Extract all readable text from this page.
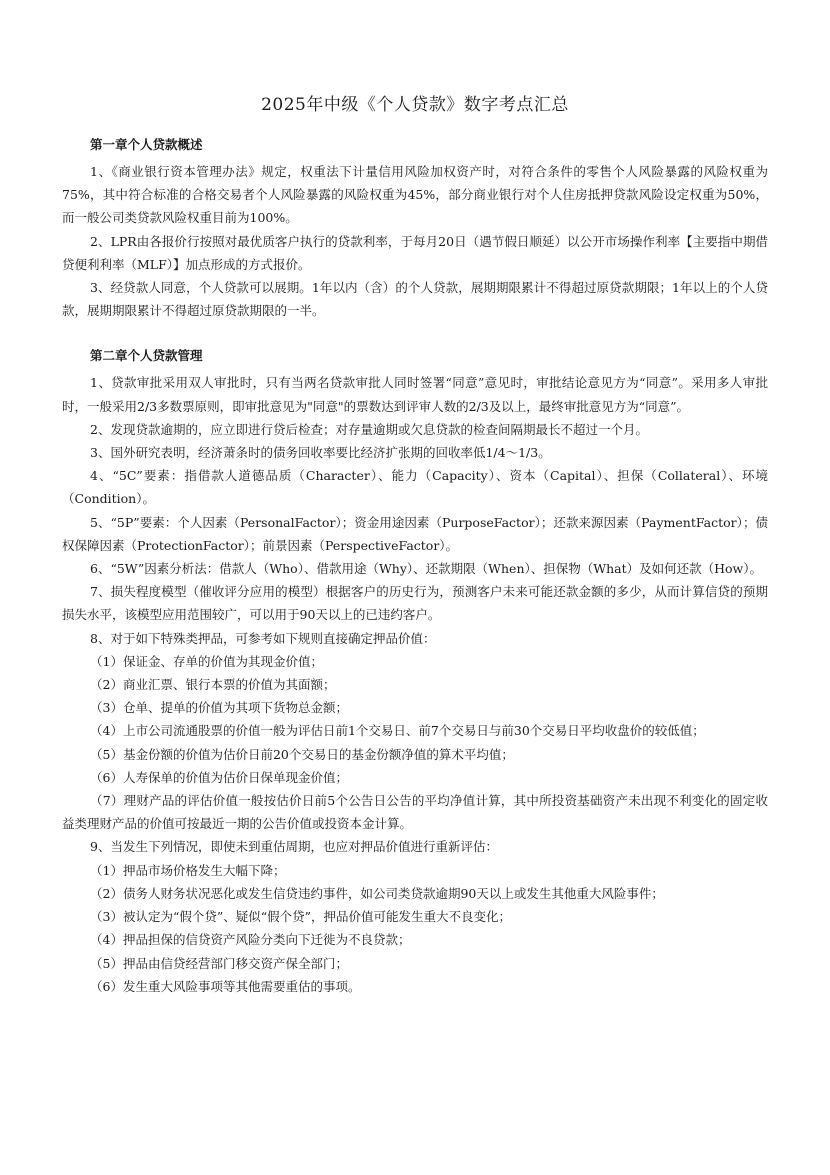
2025年中级《个人贷款》数字考点汇总
第一章个人贷款概述

1、《商业银行资本管理办法》规定，权重法下计量信用风险加权资产时，对符合条件的零售个人风险暴露的风险权重为75%，其中符合标准的合格交易者个人风险暴露的风险权重为45%，部分商业银行对个人住房抵押贷款风险设定权重为50%，而一般公司类贷款风险权重目前为100%。

2、LPR由各报价行按照对最优质客户执行的贷款利率，于每月20日（遇节假日顺延）以公开市场操作利率【主要指中期借贷便利利率（MLF）】加点形成的方式报价。

3、经贷款人同意，个人贷款可以展期。1年以内（含）的个人贷款，展期期限累计不得超过原贷款期限；1年以上的个人贷款，展期期限累计不得超过原贷款期限的一半。

第二章个人贷款管理

1、贷款审批采用双人审批时，只有当两名贷款审批人同时签署“同意”意见时，审批结论意见方为“同意”。采用多人审批时，一般采用2/3多数票原则，即审批意见为"同意"的票数达到评审人数的2/3及以上，最终审批意见方为“同意”。

2、发现贷款逾期的，应立即进行贷后检查；对存量逾期或欠息贷款的检查间隔期最长不超过一个月。

3、国外研究表明，经济萧条时的债务回收率要比经济扩张期的回收率低1/4～1/3。

4、“5C”要素：指借款人道德品质（Character）、能力（Capacity）、资本（Capital）、担保（Collateral）、环境（Condition）。

5、“5P”要素：个人因素（PersonalFactor）；资金用途因素（PurposeFactor）；还款来源因素（PaymentFactor）；债权保障因素（ProtectionFactor）；前景因素（PerspectiveFactor）。

6、“5W”因素分析法：借款人（Who）、借款用途（Why）、还款期限（When）、担保物（What）及如何还款（How）。

7、损失程度模型（催收评分应用的模型）根据客户的历史行为，预测客户未来可能还款金额的多少，从而计算信贷的预期损失水平，该模型应用范围较广，可以用于90天以上的已违约客户。

8、对于如下特殊类押品，可参考如下规则直接确定押品价值：

（1）保证金、存单的价值为其现金价值；

（2）商业汇票、银行本票的价值为其面额；

（3）仓单、提单的价值为其项下货物总金额；

（4）上市公司流通股票的价值一般为评估日前1个交易日、前7个交易日与前30个交易日平均收盘价的较低值；

（5）基金份额的价值为估价日前20个交易日的基金份额净值的算术平均值；

（6）人寿保单的价值为估价日保单现金价值；

（7）理财产品的评估价值一般按估价日前5个公告日公告的平均净值计算，其中所投资基础资产未出现不利变化的固定收益类理财产品的价值可按最近一期的公告价值或投资本金计算。

9、当发生下列情况，即使未到重估周期，也应对押品价值进行重新评估：

（1）押品市场价格发生大幅下降；

（2）债务人财务状况恶化或发生信贷违约事件，如公司类贷款逾期90天以上或发生其他重大风险事件；

（3）被认定为“假个贷”、疑似“假个贷”，押品价值可能发生重大不良变化；

（4）押品担保的信贷资产风险分类向下迁徙为不良贷款；

（5）押品由信贷经营部门移交资产保全部门；

（6）发生重大风险事项等其他需要重估的事项。
